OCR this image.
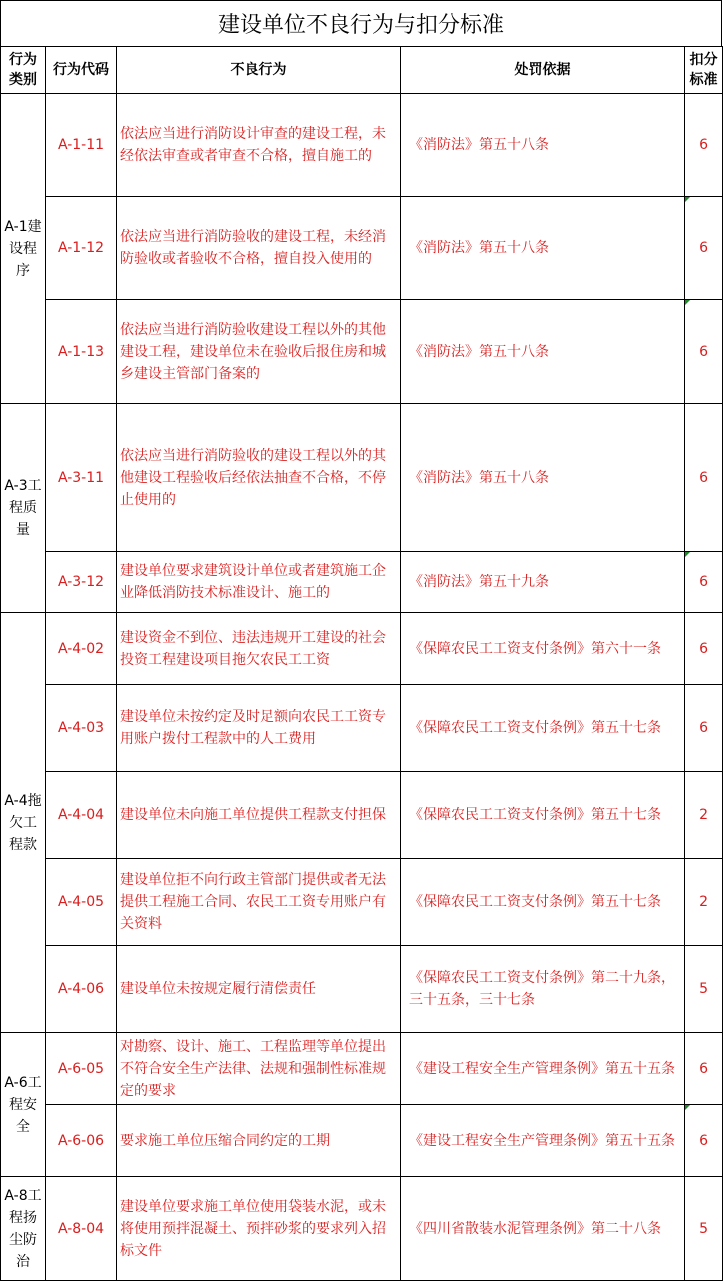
建设单位不良行为与扣分标准
行为类别	行为代码	不良行为	处罚依据	扣分标准
A-1建设程序	A-1-11	依法应当进行消防设计审查的建设工程，未经依法审查或者审查不合格，擅自施工的	《消防法》第五十八条	6
	A-1-12	依法应当进行消防验收的建设工程，未经消防验收或者验收不合格，擅自投入使用的	《消防法》第五十八条	6
	A-1-13	依法应当进行消防验收建设工程以外的其他建设工程，建设单位未在验收后报住房和城乡建设主管部门备案的	《消防法》第五十八条	6
A-3工程质量	A-3-11	依法应当进行消防验收的建设工程以外的其他建设工程验收后经依法抽查不合格，不停止使用的	《消防法》第五十八条	6
	A-3-12	建设单位要求建筑设计单位或者建筑施工企业降低消防技术标准设计、施工的	《消防法》第五十九条	6
A-4拖欠工程款	A-4-02	建设资金不到位、违法违规开工建设的社会投资工程建设项目拖欠农民工工资	《保障农民工工资支付条例》第六十一条	6
	A-4-03	建设单位未按约定及时足额向农民工工资专用账户拨付工程款中的人工费用	《保障农民工工资支付条例》第五十七条	6
	A-4-04	建设单位未向施工单位提供工程款支付担保	《保障农民工工资支付条例》第五十七条	2
	A-4-05	建设单位拒不向行政主管部门提供或者无法提供工程施工合同、农民工工资专用账户有关资料	《保障农民工工资支付条例》第五十七条	2
	A-4-06	建设单位未按规定履行清偿责任	《保障农民工工资支付条例》第二十九条，三十五条，三十七条	5
A-6工程安全	A-6-05	对勘察、设计、施工、工程监理等单位提出不符合安全生产法律、法规和强制性标准规定的要求	《建设工程安全生产管理条例》第五十五条	6
	A-6-06	要求施工单位压缩合同约定的工期	《建设工程安全生产管理条例》第五十五条	6
A-8工程扬尘防治	A-8-04	建设单位要求施工单位使用袋装水泥，或未将使用预拌混凝土、预拌砂浆的要求列入招标文件	《四川省散装水泥管理条例》第二十八条	5
